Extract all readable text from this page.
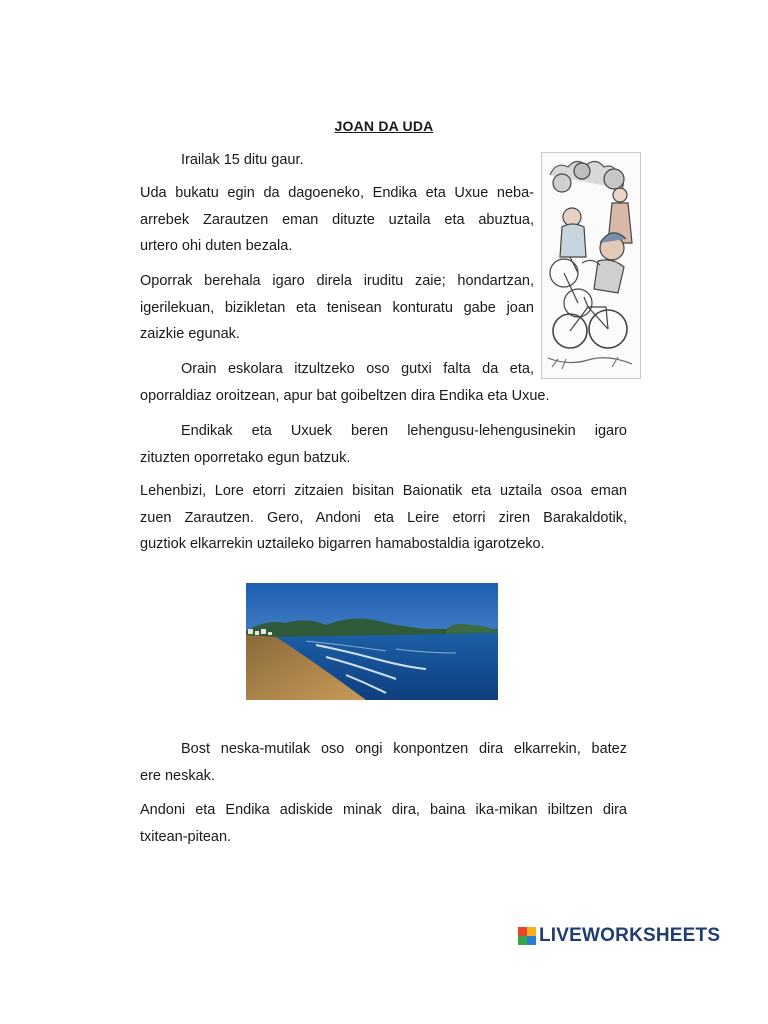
JOAN DA UDA
Irailak 15 ditu gaur.
Uda bukatu egin da dagoeneko, Endika eta Uxue neba-
arrebek Zarautzen eman dituzte uztaila eta abuztua,
urtero ohi duten bezala.
Oporrak berehala igaro direla iruditu zaie; hondartzan,
igerilekuan, bizikletan eta tenisean konturatu gabe joan
zaizkie egunak.
Orain eskolara itzultzeko oso gutxi falta da eta,
oporraldiaz oroitzean, apur bat goibeltzen dira Endika eta Uxue.
Endikak eta Uxuek beren lehengusu-lehengusinekin igaro
zituzten oporretako egun batzuk.
Lehenbizi, Lore etorri zitzaien bisitan Baionatik eta uztaila osoa eman
zuen Zarautzen. Gero, Andoni eta Leire etorri ziren Barakaldotik,
guztiok elkarrekin uztaileko bigarren hamabostaldia igarotzeko.
Bost neska-mutilak oso ongi konpontzen dira elkarrekin, batez
ere neskak.
Andoni eta Endika adiskide minak dira, baina ika-mikan ibiltzen dira
txitean-pitean.
LIVEWORKSHEETS
